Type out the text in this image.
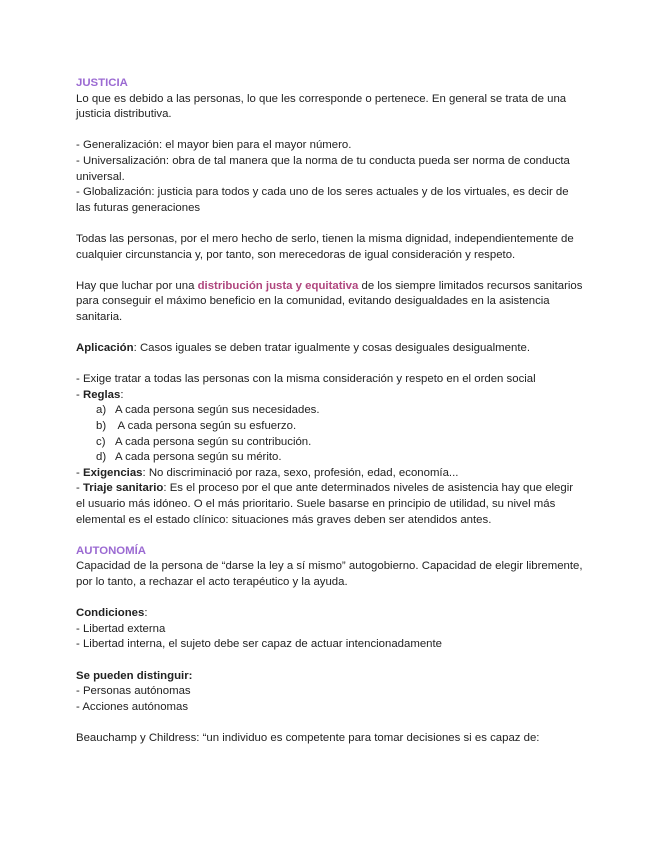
JUSTICIA

Lo que es debido a las personas, lo que les corresponde o pertenece. En general se trata de una justicia distributiva.

- Generalización: el mayor bien para el mayor número.

- Universalización: obra de tal manera que la norma de tu conducta pueda ser norma de conducta universal.

- Globalización: justicia para todos y cada uno de los seres actuales y de los virtuales, es decir de las futuras generaciones

Todas las personas, por el mero hecho de serlo, tienen la misma dignidad, independientemente de cualquier circunstancia y, por tanto, son merecedoras de igual consideración y respeto.

Hay que luchar por una distribución justa y equitativa de los siempre limitados recursos sanitarios para conseguir el máximo beneficio en la comunidad, evitando desigualdades en la asistencia sanitaria.

Aplicación: Casos iguales se deben tratar igualmente y cosas desiguales desigualmente.

- Exige tratar a todas las personas con la misma consideración y respeto en el orden social

- Reglas:

a) A cada persona según sus necesidades.
b) A cada persona según su esfuerzo.
c) A cada persona según su contribución.
d) A cada persona según su mérito.

- Exigencias: No discriminació por raza, sexo, profesión, edad, economía...

- Triaje sanitario: Es el proceso por el que ante determinados niveles de asistencia hay que elegir el usuario más idóneo. O el más prioritario. Suele basarse en principio de utilidad, su nivel más elemental es el estado clínico: situaciones más graves deben ser atendidos antes.

AUTONOMÍA

Capacidad de la persona de “darse la ley a sí mismo” autogobierno. Capacidad de elegir libremente, por lo tanto, a rechazar el acto terapéutico y la ayuda.

Condiciones:

- Libertad externa

- Libertad interna, el sujeto debe ser capaz de actuar intencionadamente

Se pueden distinguir:

- Personas autónomas

- Acciones autónomas

Beauchamp y Childress: “un individuo es competente para tomar decisiones si es capaz de:
